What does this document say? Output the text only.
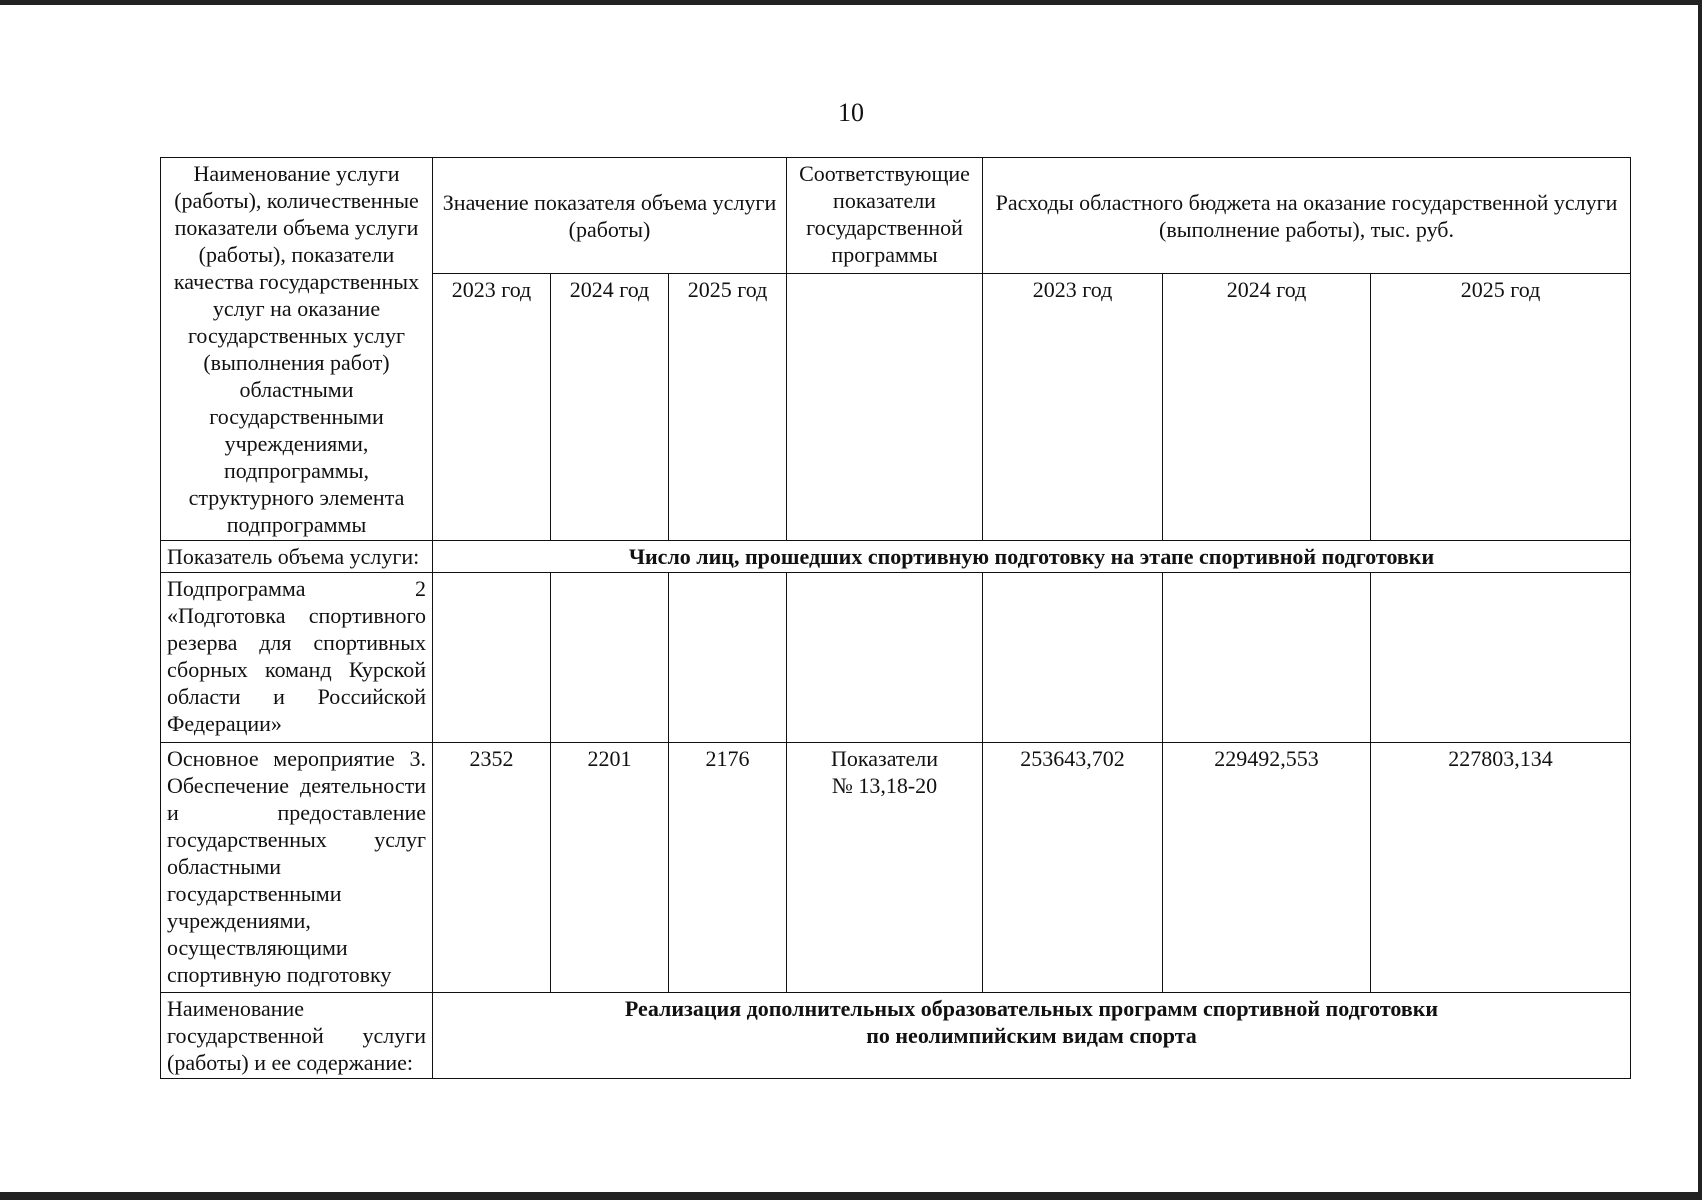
10
Наименование услуги (работы), количественные показатели объема услуги (работы), показатели качества государственных услуг на оказание государственных услуг (выполнения работ) областными государственными учреждениями, подпрограммы, структурного элемента подпрограммы	Значение показателя объема услуги (работы)			Соответствующие показатели государственной программы	Расходы областного бюджета на оказание государственной услуги (выполнение работы), тыс. руб.		
	2023 год	2024 год	2025 год		2023 год	2024 год	2025 год
Показатель объема услуги:	Число лиц, прошедших спортивную подготовку на этапе спортивной подготовки						

Подпрограмма 2
«Подготовка спортивного резерва для спортивных сборных команд Курской области и Российской Федерации»							

Основное мероприятие 3. Обеспечение деятельности и предоставление государственных услуг областными государственными учреждениями, осуществляющими спортивную подготовку	2352	2201	2176	Показатели
№ 13,18-20	253643,702	229492,553	227803,134
Наименование государственной услуги (работы) и ее содержание:	Реализация дополнительных образовательных программ спортивной подготовки
по неолимпийским видам спорта						
